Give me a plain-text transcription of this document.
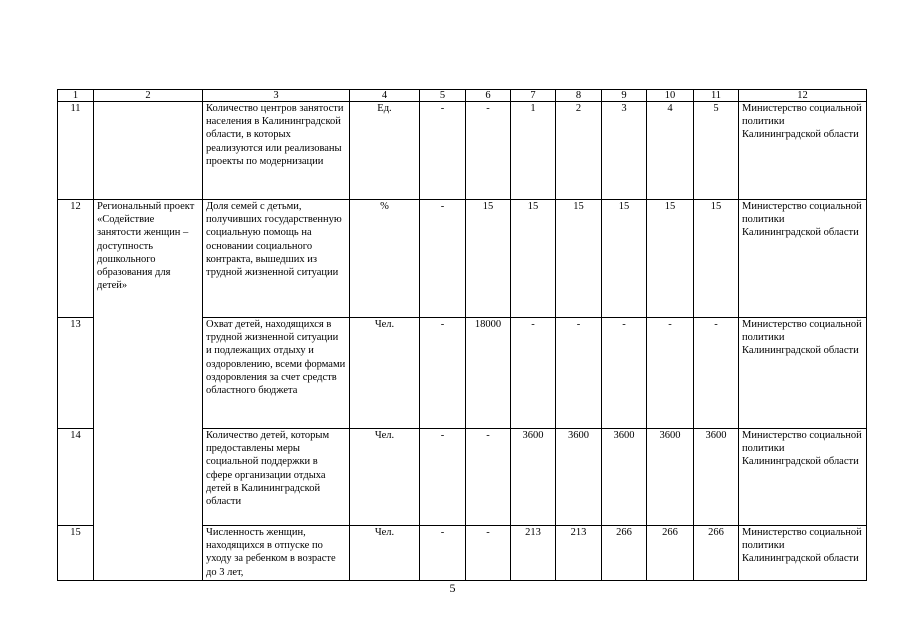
1	2	3	4	5	6	7	8	9	10	11	12
11		Количество центров занятости населения в Калининградской области, в которых реализуются или реализованы проекты по модернизации	Ед.	-	-	1	2	3	4	5	Министерство социальной политики Калининградской области
12	Региональный проект «Содействие занятости женщин – доступность дошкольного образования для детей»	Доля семей с детьми, получивших государственную социальную помощь на основании социального контракта, вышедших из трудной жизненной ситуации	%	-	15	15	15	15	15	15	Министерство социальной политики Калининградской области
13		Охват детей, находящихся в трудной жизненной ситуации и подлежащих отдыху и оздоровлению, всеми формами оздоровления за счет средств областного бюджета	Чел.	-	18000	-	-	-	-	-	Министерство социальной политики Калининградской области
14		Количество детей, которым предоставлены меры социальной поддержки в сфере организации отдыха детей в Калининградской области	Чел.	-	-	3600	3600	3600	3600	3600	Министерство социальной политики Калининградской области
15		Численность женщин, находящихся в отпуске по уходу за ребенком в возрасте до 3 лет,	Чел.	-	-	213	213	266	266	266	Министерство социальной политики Калининградской области
5
